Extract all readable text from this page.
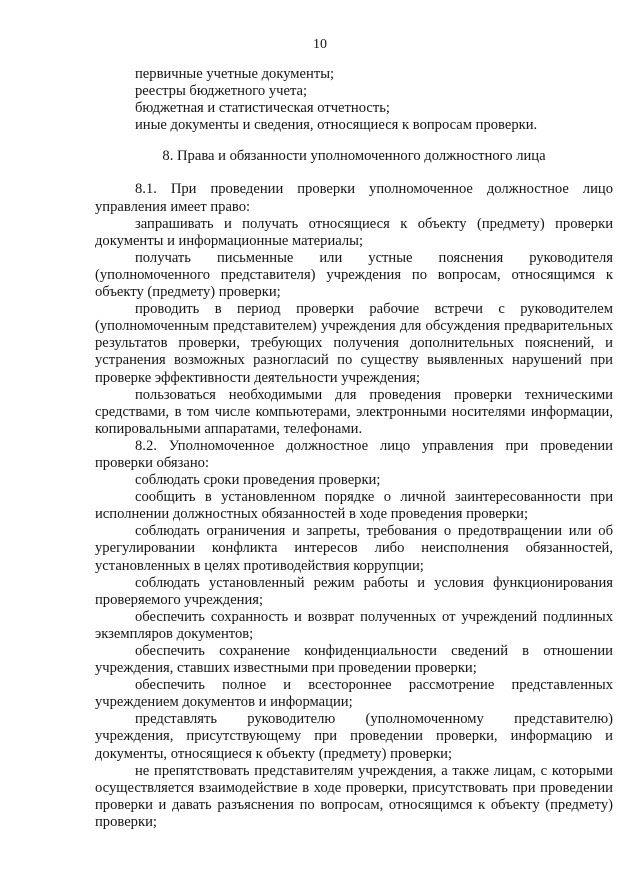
10

первичные учетные документы;

реестры бюджетного учета;

бюджетная и статистическая отчетность;

иные документы и сведения, относящиеся к вопросам проверки.

8. Права и обязанности уполномоченного должностного лица

8.1. При проведении проверки уполномоченное должностное лицо управления имеет право:

запрашивать и получать относящиеся к объекту (предмету) проверки документы и информационные материалы;

получать письменные или устные пояснения руководителя (уполномоченного представителя) учреждения по вопросам, относящимся к объекту (предмету) проверки;

проводить в период проверки рабочие встречи с руководителем (уполномоченным представителем) учреждения для обсуждения предварительных результатов проверки, требующих получения дополнительных пояснений, и устранения возможных разногласий по существу выявленных нарушений при проверке эффективности деятельности учреждения;

пользоваться необходимыми для проведения проверки техническими средствами, в том числе компьютерами, электронными носителями информации, копировальными аппаратами, телефонами.

8.2. Уполномоченное должностное лицо управления при проведении проверки обязано:

соблюдать сроки проведения проверки;

сообщить в установленном порядке о личной заинтересованности при исполнении должностных обязанностей в ходе проведения проверки;

соблюдать ограничения и запреты, требования о предотвращении или об урегулировании конфликта интересов либо неисполнения обязанностей, установленных в целях противодействия коррупции;

соблюдать установленный режим работы и условия функционирования проверяемого учреждения;

обеспечить сохранность и возврат полученных от учреждений подлинных экземпляров документов;

обеспечить сохранение конфиденциальности сведений в отношении учреждения, ставших известными при проведении проверки;

обеспечить полное и всестороннее рассмотрение представленных учреждением документов и информации;

представлять руководителю (уполномоченному представителю) учреждения, присутствующему при проведении проверки, информацию и документы, относящиеся к объекту (предмету) проверки;

не препятствовать представителям учреждения, а также лицам, с которыми осуществляется взаимодействие в ходе проверки, присутствовать при проведении проверки и давать разъяснения по вопросам, относящимся к объекту (предмету) проверки;
